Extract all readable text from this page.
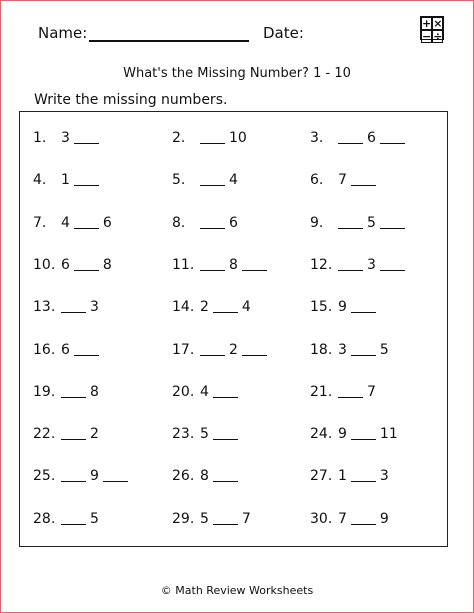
Name:	Date:
+ ×
− ÷
What's the Missing Number? 1 - 10
Write the missing numbers.
1.	3	2.	10	3.	6
4.	1	5.	4	6.	7
7.	4 6	8.	6	9.	5
10. 6 8	11.	8	12.	3
13.	3	14. 2 4	15. 9
16. 6	17.	2	18. 3 5
19.	8	20. 4	21.	7
22.	2	23. 5	24. 9 11
25.	9	26. 8	27. 1 3
28.	5	29. 5 7	30. 7 9
© Math Review Worksheets
